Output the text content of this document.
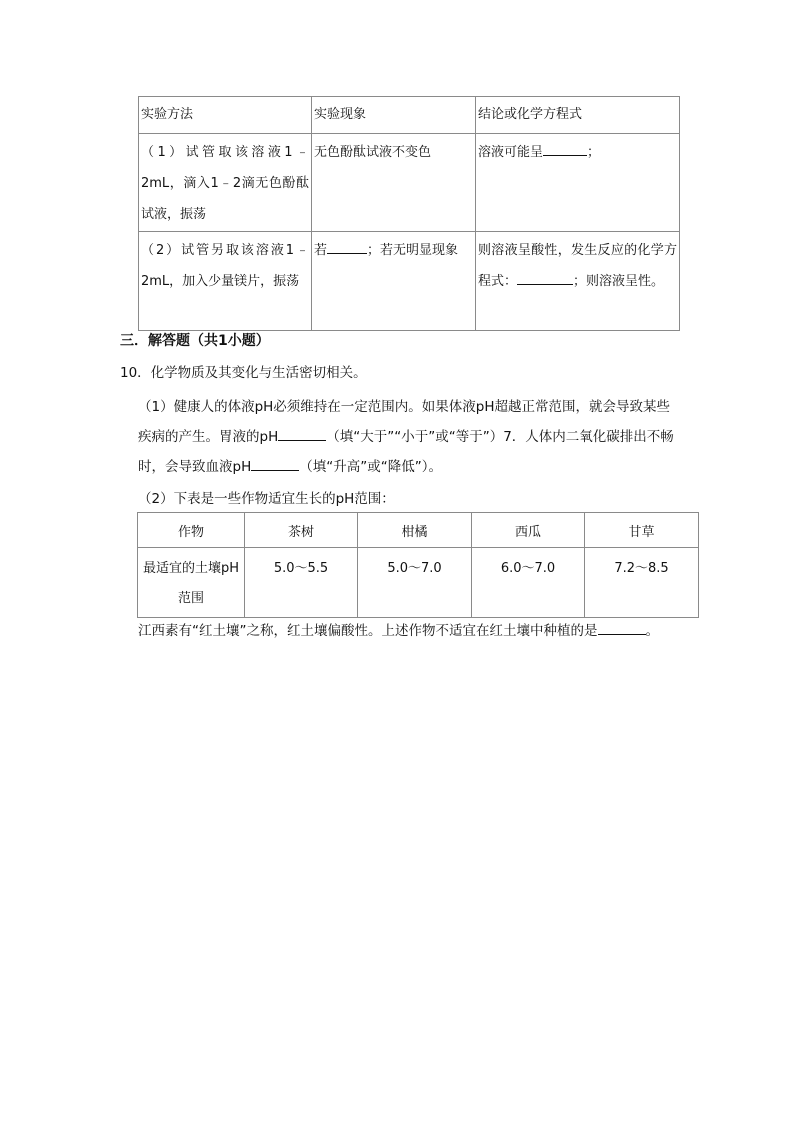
实验方法	实验现象	结论或化学方程式
（1）试管取该溶液1﹣2mL，滴入1﹣2滴无色酚酞试液，振荡	无色酚酞试液不变色	溶液可能呈 ；
（2）试管另取该溶液1﹣2mL，加入少量镁片，振荡	若 ；若无明显现象	则溶液呈酸性，发生反应的化学方程式： ；则溶液呈性。
三．解答题（共1小题）
10．化学物质及其变化与生活密切相关。
（1）健康人的体液pH必须维持在一定范围内。如果体液pH超越正常范围，就会导致某些疾病的产生。胃液的pH	（填“大于”“小于”或“等于”）7．人体内二氧化碳排出不畅时，会导致血液pH	（填“升高”或“降低”）。
（2）下表是一些作物适宜生长的pH范围：
作物	茶树	柑橘	西瓜	甘草
最适宜的土壤pH范围	5.0～5.5	5.0～7.0	6.0～7.0	7.2～8.5
江西素有“红土壤”之称，红土壤偏酸性。上述作物不适宜在红土壤中种植的是	。
